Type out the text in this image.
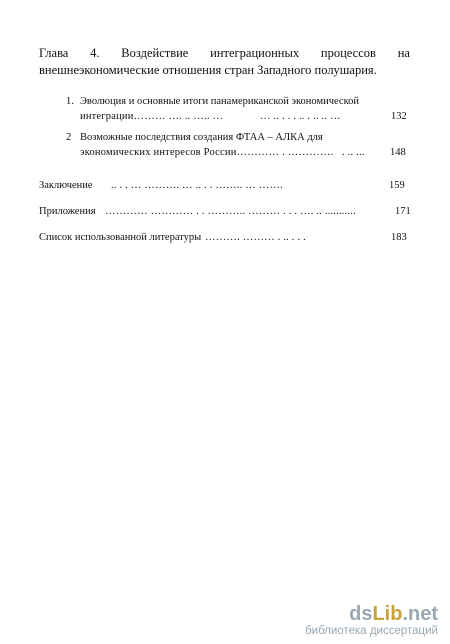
Глава 4. Воздействие интеграционных процессов на
внешнеэкономические отношения стран Западного полушария.
1. Эволюция и основные итоги панамериканской экономической
интеграции……… …. .. ….. …	… .. . . . .. . .. .. …	132
2 Возможные последствия создания ФТАА – АЛКА для
экономических интересов России………… . …………. . .. ... 148
Заключение .. . . … ………. … .. . . …….. … …….	159
Приложения ………… ………… . . ……….. ……… . . . …. .. ...........	171
Список использованной литературы ………. ……… . .. . . .	183
dsLib.net
библиотека диссертаций
